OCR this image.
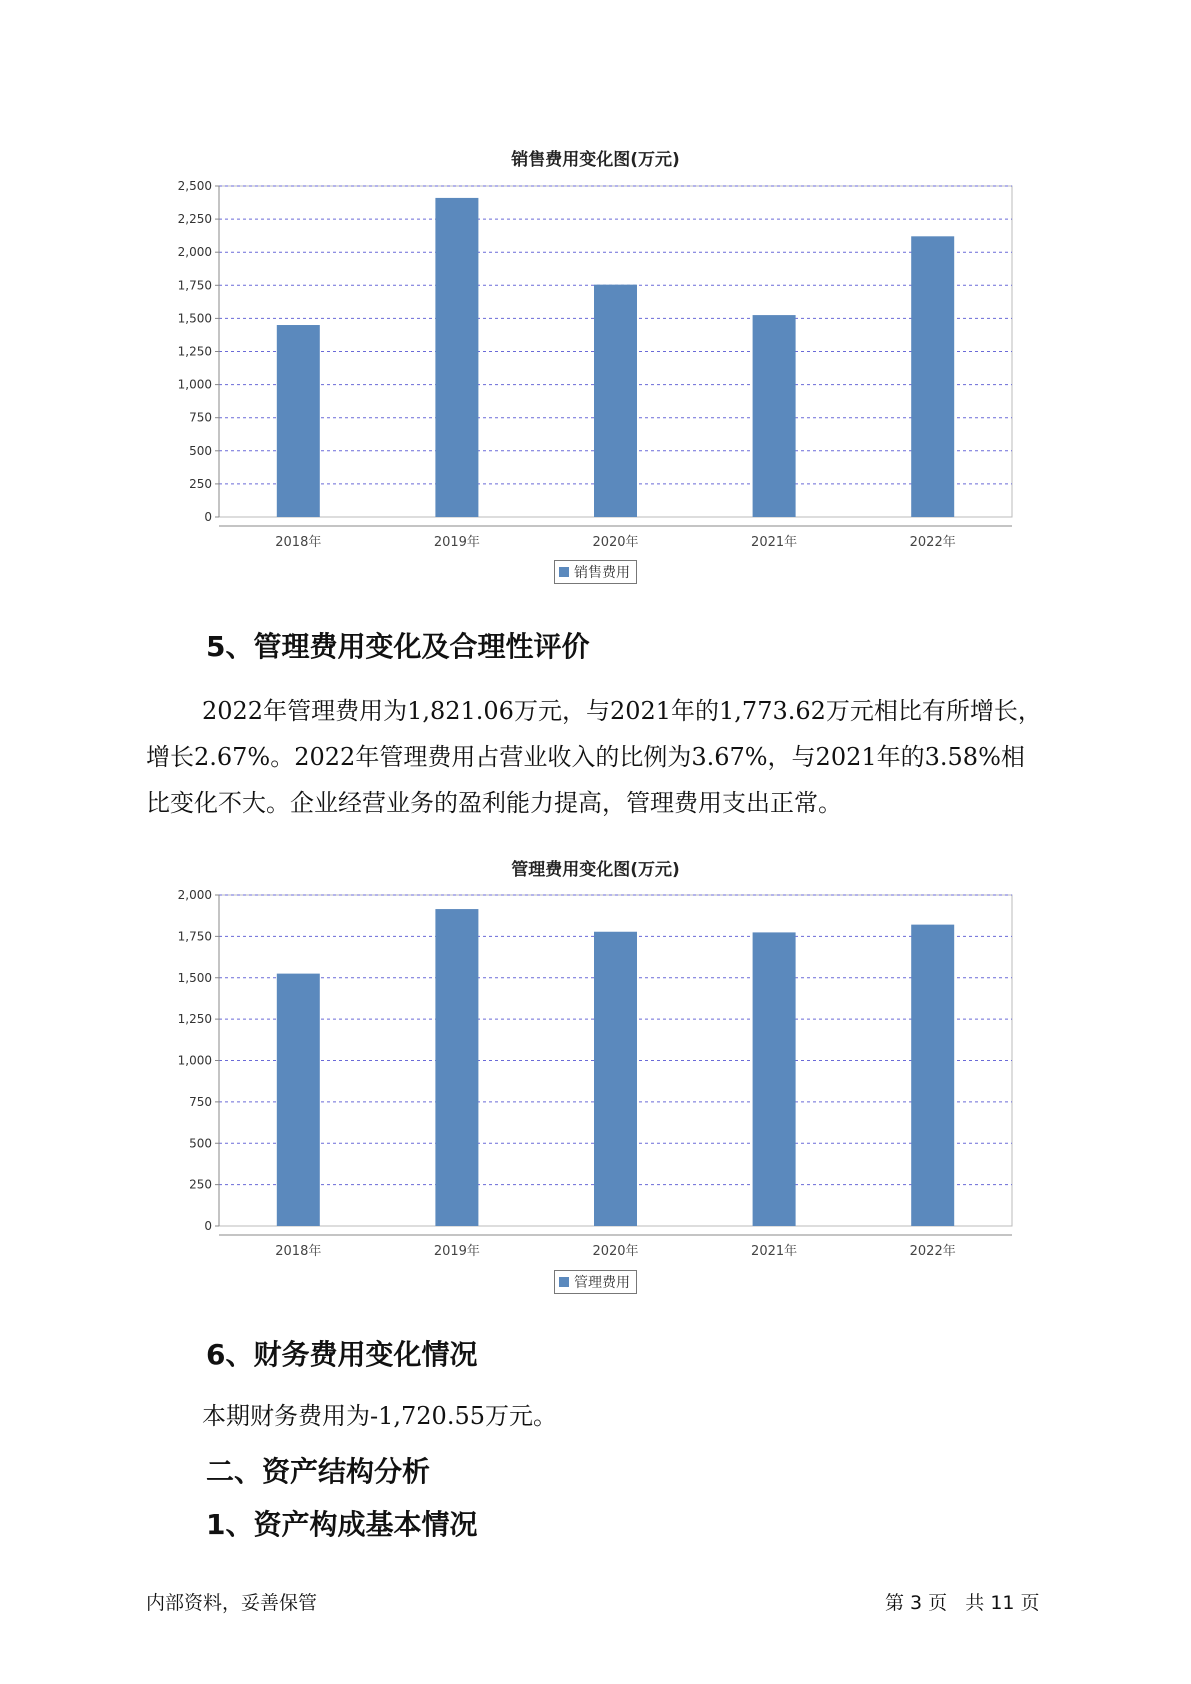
销售费用变化图(万元)
0
250
500
750
1,000
1,250
1,500
1,750
2,000
2,250
2,500
2018年	2019年	2020年	2021年	2022年
销售费用
5、管理费用变化及合理性评价

2022年管理费用为1,821.06万元，与2021年的1,773.62万元相比有所增长，增长2.67%。2022年管理费用占营业收入的比例为3.67%，与2021年的3.58%相比变化不大。企业经营业务的盈利能力提高，管理费用支出正常。

管理费用变化图(万元)
0
250
500
750
1,000
1,250
1,500
1,750
2,000
2018年	2019年	2020年	2021年	2022年
管理费用
6、财务费用变化情况

本期财务费用为-1,720.55万元。

二、资产结构分析
1、资产构成基本情况
内部资料，妥善保管	第 3 页   共 11 页
